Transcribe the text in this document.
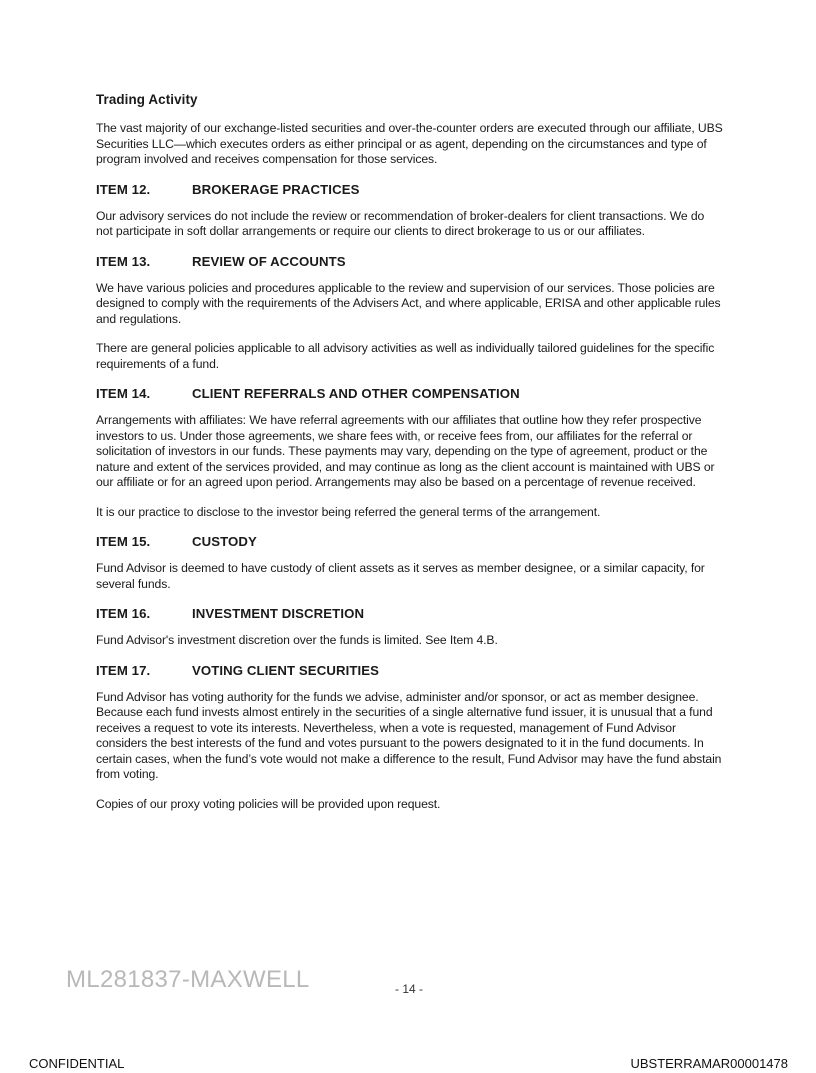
Trading Activity

The vast majority of our exchange-listed securities and over-the-counter orders are executed through our affiliate, UBS Securities LLC—which executes orders as either principal or as agent, depending on the circumstances and type of program involved and receives compensation for those services.

ITEM 12.	BROKERAGE PRACTICES

Our advisory services do not include the review or recommendation of broker-dealers for client transactions. We do not participate in soft dollar arrangements or require our clients to direct brokerage to us or our affiliates.

ITEM 13.	REVIEW OF ACCOUNTS

We have various policies and procedures applicable to the review and supervision of our services. Those policies are designed to comply with the requirements of the Advisers Act, and where applicable, ERISA and other applicable rules and regulations.

There are general policies applicable to all advisory activities as well as individually tailored guidelines for the specific requirements of a fund.

ITEM 14.	CLIENT REFERRALS AND OTHER COMPENSATION

Arrangements with affiliates: We have referral agreements with our affiliates that outline how they refer prospective investors to us. Under those agreements, we share fees with, or receive fees from, our affiliates for the referral or solicitation of investors in our funds. These payments may vary, depending on the type of agreement, product or the nature and extent of the services provided, and may continue as long as the client account is maintained with UBS or our affiliate or for an agreed upon period. Arrangements may also be based on a percentage of revenue received.

It is our practice to disclose to the investor being referred the general terms of the arrangement.

ITEM 15.	CUSTODY

Fund Advisor is deemed to have custody of client assets as it serves as member designee, or a similar capacity, for several funds.

ITEM 16.	INVESTMENT DISCRETION

Fund Advisor's investment discretion over the funds is limited. See Item 4.B.

ITEM 17.	VOTING CLIENT SECURITIES

Fund Advisor has voting authority for the funds we advise, administer and/or sponsor, or act as member designee. Because each fund invests almost entirely in the securities of a single alternative fund issuer, it is unusual that a fund receives a request to vote its interests. Nevertheless, when a vote is requested, management of Fund Advisor considers the best interests of the fund and votes pursuant to the powers designated to it in the fund documents. In certain cases, when the fund’s vote would not make a difference to the result, Fund Advisor may have the fund abstain from voting.

Copies of our proxy voting policies will be provided upon request.

ML281837-MAXWELL	- 14 -
CONFIDENTIAL	UBSTERRAMAR00001478
